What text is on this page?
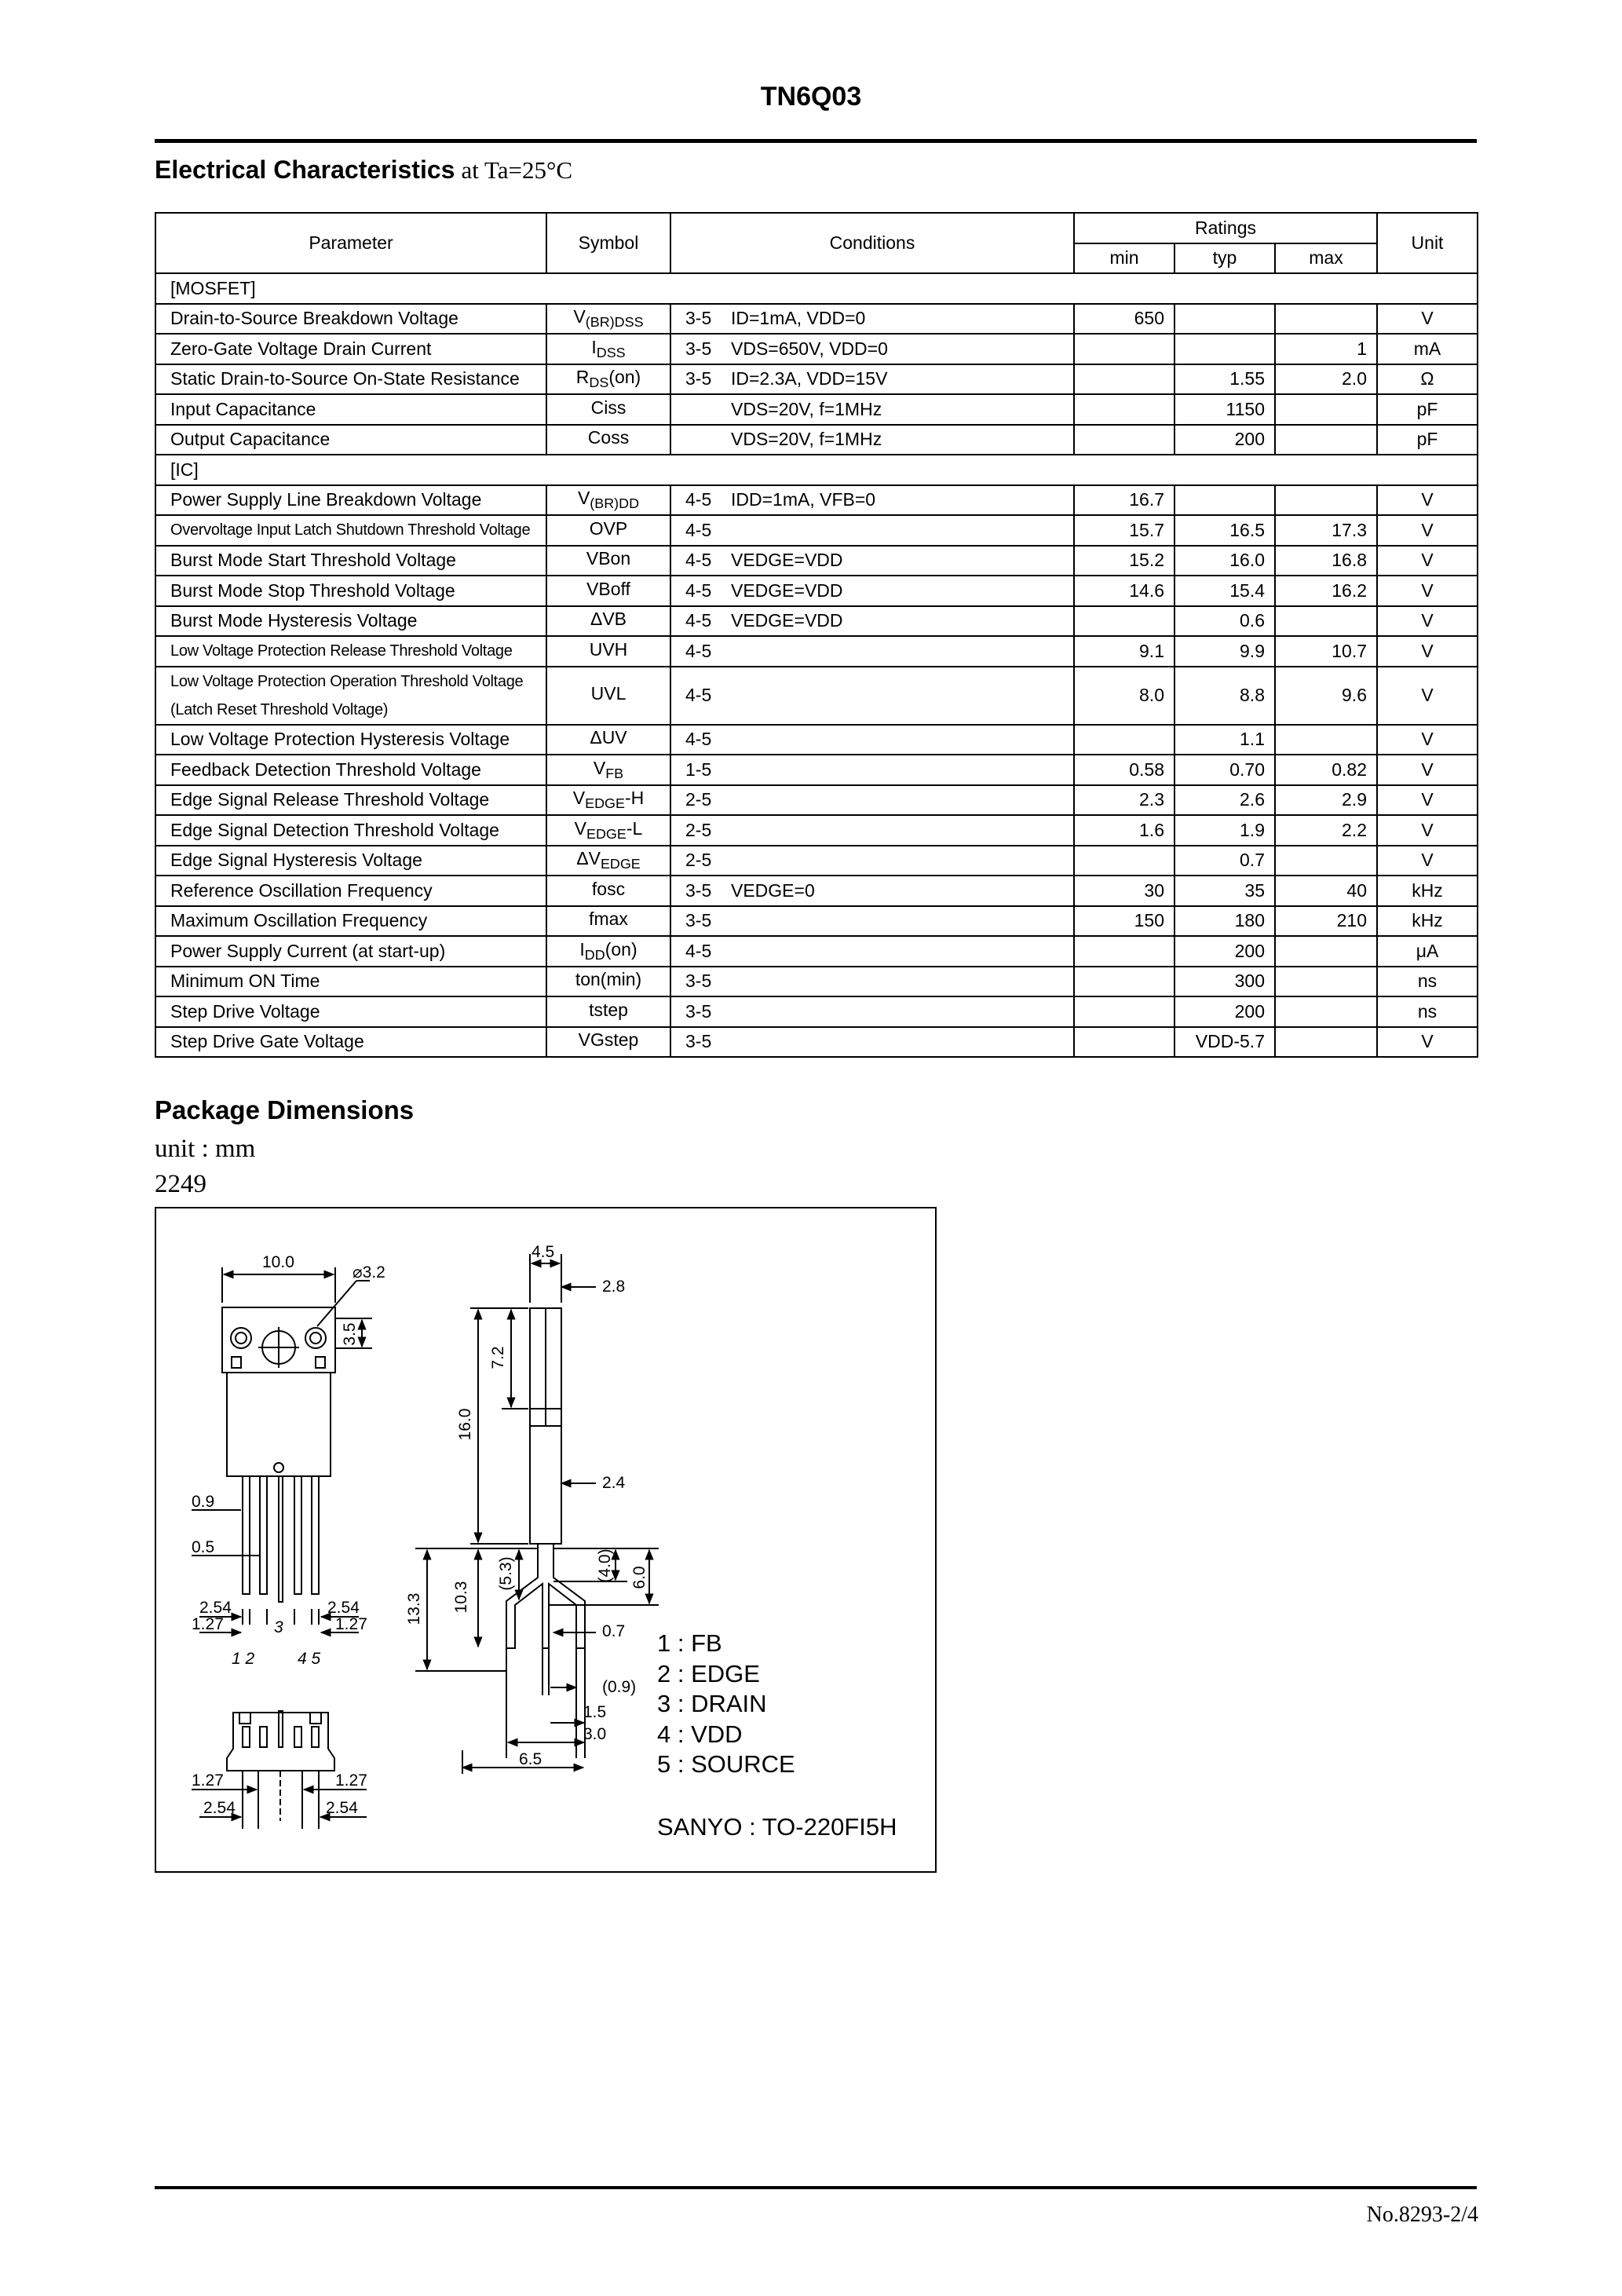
TN6Q03
Electrical Characteristics at Ta=25°C
Parameter	Symbol	Conditions	Ratings			Unit
			min	typ	max	
[MOSFET]						
Drain-to-Source Breakdown Voltage	$V_{(BR)DSS}$	3-5 ID=1mA, VDD=0	650			V
Zero-Gate Voltage Drain Current	$I_{DSS}$	3-5 VDS=650V, VDD=0			1	mA
Static Drain-to-Source On-State Resistance	$R_{DS}(on)$	3-5 ID=2.3A, VDD=15V		1.55	2.0	Ω
Input Capacitance	Ciss	VDS=20V, f=1MHz		1150		pF
Output Capacitance	Coss	VDS=20V, f=1MHz		200		pF
[IC]						
Power Supply Line Breakdown Voltage	$V_{(BR)DD}$	4-5 IDD=1mA, VFB=0	16.7			V
Overvoltage Input Latch Shutdown Threshold Voltage	OVP	4-5	15.7	16.5	17.3	V
Burst Mode Start Threshold Voltage	VBon	4-5 VEDGE=VDD	15.2	16.0	16.8	V
Burst Mode Stop Threshold Voltage	VBoff	4-5 VEDGE=VDD	14.6	15.4	16.2	V
Burst Mode Hysteresis Voltage	ΔVB	4-5 VEDGE=VDD		0.6		V
Low Voltage Protection Release Threshold Voltage	UVH	4-5	9.1	9.9	10.7	V

Low Voltage Protection Operation Threshold Voltage
(Latch Reset Threshold Voltage)	UVL	4-5	8.0	8.8	9.6	V
Low Voltage Protection Hysteresis Voltage	ΔUV	4-5		1.1		V
Feedback Detection Threshold Voltage	$V_{FB}$	1-5	0.58	0.70	0.82	V
Edge Signal Release Threshold Voltage	$V_{EDGE}-H$	2-5	2.3	2.6	2.9	V
Edge Signal Detection Threshold Voltage	$V_{EDGE}-L$	2-5	1.6	1.9	2.2	V
Edge Signal Hysteresis Voltage	$\Delta V_{EDGE}$	2-5		0.7		V
Reference Oscillation Frequency	fosc	3-5 VEDGE=0	30	35	40	kHz
Maximum Oscillation Frequency	fmax	3-5	150	180	210	kHz
Power Supply Current (at start-up)	$I_{DD}(on)$	4-5		200		μA
Minimum ON Time	ton(min)	3-5		300		ns
Step Drive Voltage	tstep	3-5		200		ns
Step Drive Gate Voltage	VGstep	3-5		VDD-5.7		V
Package Dimensions
unit : mm
2249
10.0
⌀3.2
3.5
0.9
0.5
2.54	2.54
1.27	1.27
3
1 2	4 5
1.27	1.27
2.54	2.54
4.5
2.8
7.2
16.0
2.4
10.3
(5.3)
13.3
(4.0) 6.0
0.7
(0.9)
1.5
3.0
6.5
1 : FB
2 : EDGE
3 : DRAIN
4 : VDD
5 : SOURCE
SANYO : TO-220FI5H
No.8293-2/4
